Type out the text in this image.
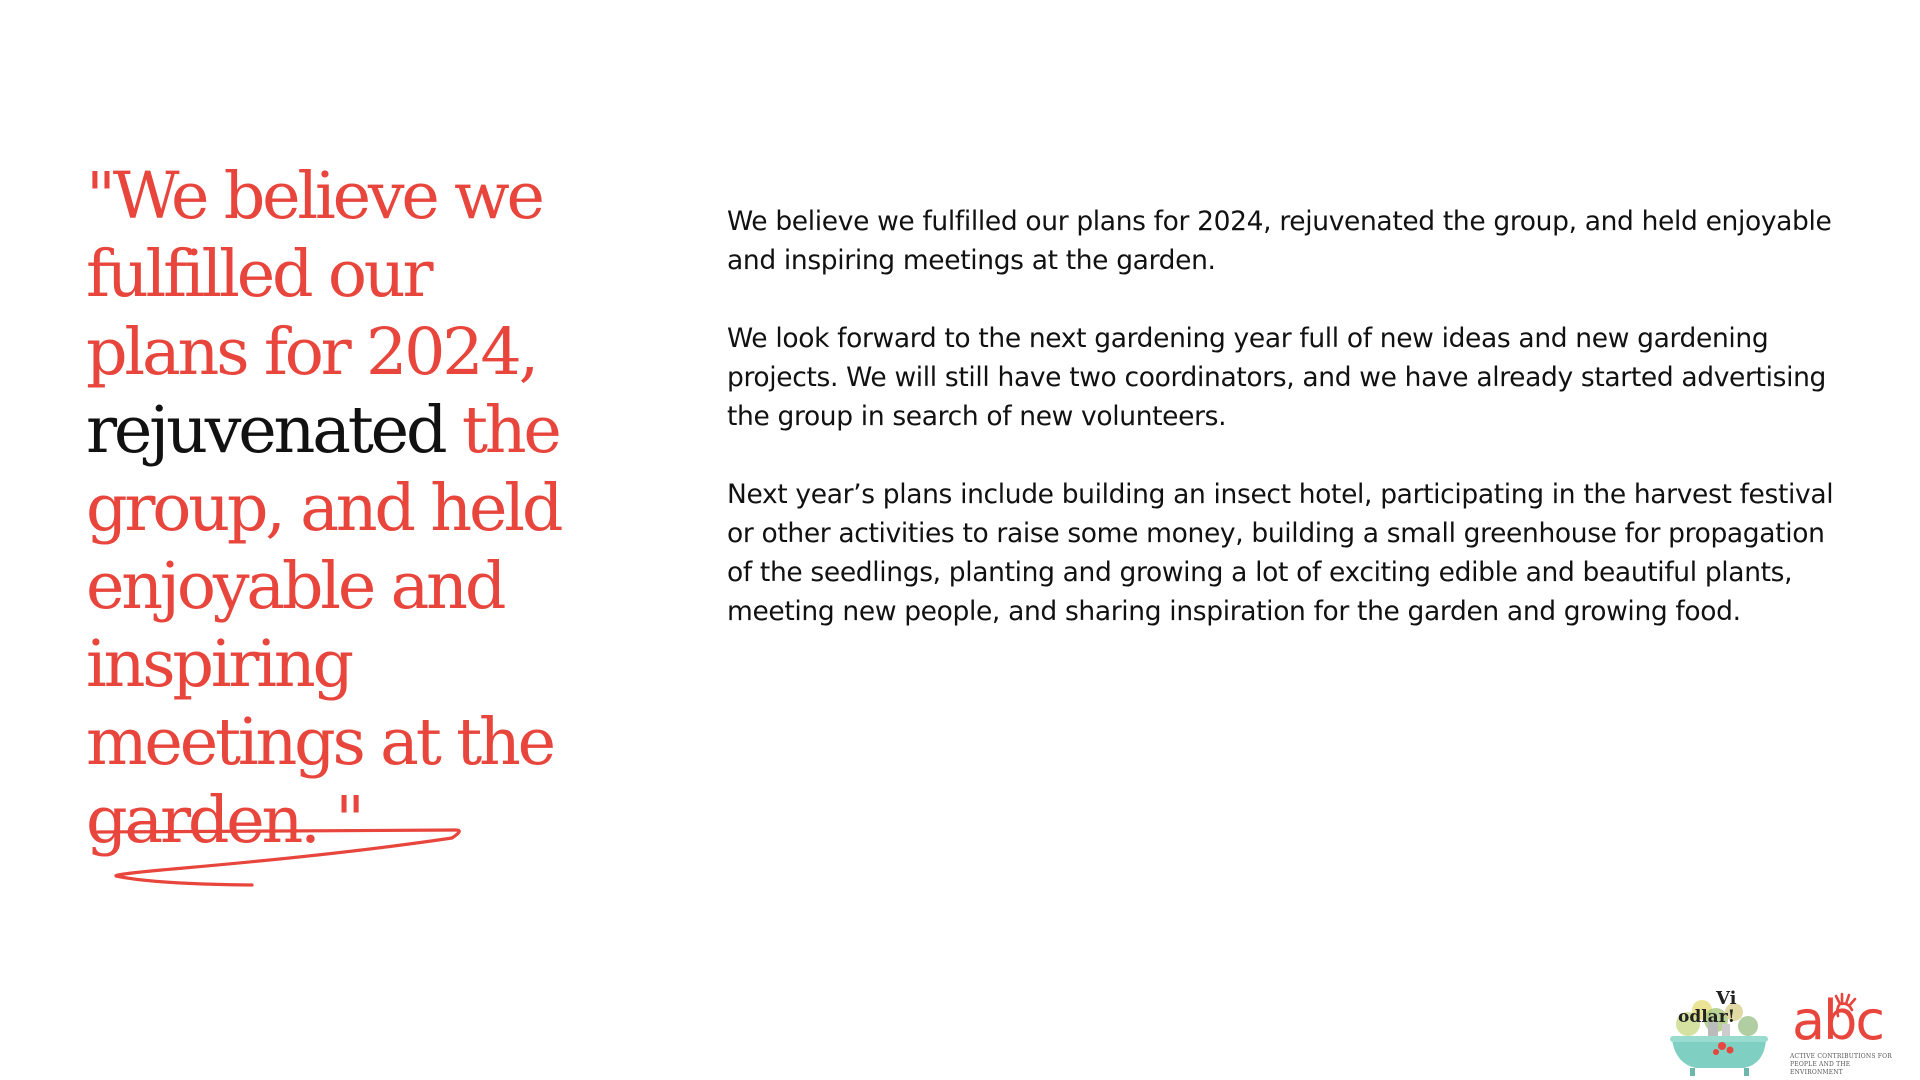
"We believe we fulfilled our plans for 2024, rejuvenated the group, and held enjoyable and inspiring meetings at the garden. "

We believe we fulfilled our plans for 2024, rejuvenated the group, and held enjoyable and inspiring meetings at the garden.

We look forward to the next gardening year full of new ideas and new gardening projects. We will still have two coordinators, and we have already started advertising the group in search of new volunteers.

Next year’s plans include building an insect hotel, participating in the harvest festival or other activities to raise some money, building a small greenhouse for propagation of the seedlings, planting and growing a lot of exciting edible and beautiful plants, meeting new people, and sharing inspiration for the garden and growing food.

Vi
odlar! abc
ACTIVE CONTRIBUTIONS FOR PEOPLE AND THE ENVIRONMENT
